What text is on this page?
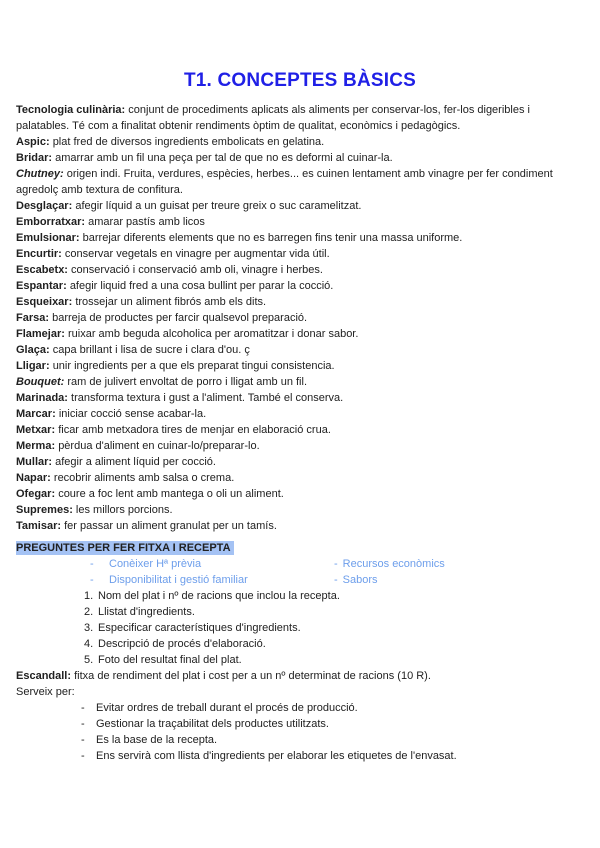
T1. CONCEPTES BÀSICS

Tecnologia culinària: conjunt de procediments aplicats als aliments per conservar-los, fer-los digeribles i palatables. Té com a finalitat obtenir rendiments òptim de qualitat, econòmics i pedagògics.

Aspic: plat fred de diversos ingredients embolicats en gelatina.

Bridar: amarrar amb un fil una peça per tal de que no es deformi al cuinar-la.

Chutney: origen indi. Fruita, verdures, espècies, herbes... es cuinen lentament amb vinagre per fer condiment agredolç amb textura de confitura.

Desglaçar: afegir líquid a un guisat per treure greix o suc caramelitzat.

Emborratxar: amarar pastís amb licos

Emulsionar: barrejar diferents elements que no es barregen fins tenir una massa uniforme.

Encurtir: conservar vegetals en vinagre per augmentar vida útil.

Escabetx: conservació i conservació amb oli, vinagre i herbes.

Espantar: afegir liquid fred a una cosa bullint per parar la cocció.

Esqueixar: trossejar un aliment fibrós amb els dits.

Farsa: barreja de productes per farcir qualsevol preparació.

Flamejar: ruixar amb beguda alcoholica per aromatitzar i donar sabor.

Glaça: capa brillant i lisa de sucre i clara d'ou. ç

Lligar: unir ingredients per a que els preparat tingui consistencia.

Bouquet: ram de julivert envoltat de porro i lligat amb un fil.

Marinada: transforma textura i gust a l'aliment. També el conserva.

Marcar: iniciar cocció sense acabar-la.

Metxar: ficar amb metxadora tires de menjar en elaboració crua.

Merma: pèrdua d'aliment en cuinar-lo/preparar-lo.

Mullar: afegir a aliment líquid per cocció.

Napar: recobrir aliments amb salsa o crema.

Ofegar: coure a foc lent amb mantega o oli un aliment.

Supremes: les millors porcions.

Tamisar: fer passar un aliment granulat per un tamís.

PREGUNTES PER FER FITXA I RECEPTA
-	Conèixer Hª prèvia	- Recursos econòmics
-	Disponibilitat i gestió familiar	- Sabors
1. Nom del plat i nº de racions que inclou la recepta.
2. Llistat d'ingredients.
3. Especificar característiques d'ingredients.
4. Descripció de procés d'elaboració.
5. Foto del resultat final del plat.

Escandall: fitxa de rendiment del plat i cost per a un nº determinat de racions (10 R).

Serveix per:

-	Evitar ordres de treball durant el procés de producció.
-	Gestionar la traçabilitat dels productes utilitzats.
-	Es la base de la recepta.
-	Ens servirà com llista d'ingredients per elaborar les etiquetes de l'envasat.
